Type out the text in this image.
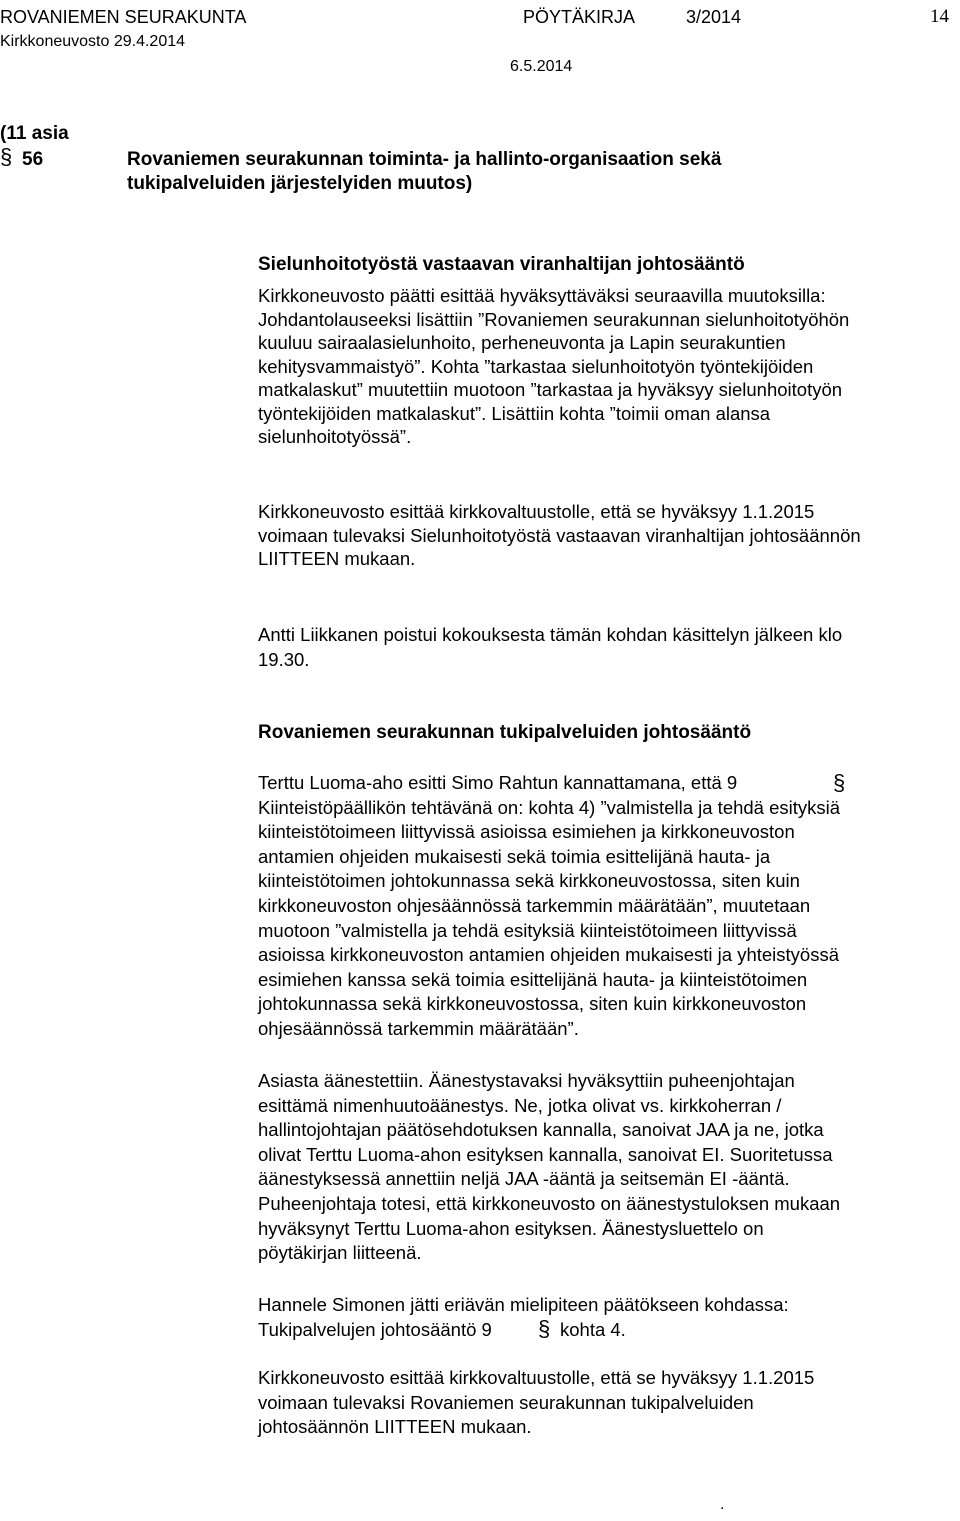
ROVANIEMEN SEURAKUNTA	PÖYTÄKIRJA	3/2014	14
Kirkkoneuvosto 29.4.2014
6.5.2014
(11 asia
§ 56	Rovaniemen seurakunnan toiminta- ja hallinto-organisaation sekä
tukipalveluiden järjestelyiden muutos)
Sielunhoitotyöstä vastaavan viranhaltijan johtosääntö
Kirkkoneuvosto päätti esittää hyväksyttäväksi seuraavilla muutoksilla:
Johdantolauseeksi lisättiin ”Rovaniemen seurakunnan sielunhoitotyöhön
kuuluu sairaalasielunhoito, perheneuvonta ja Lapin seurakuntien
kehitysvammaistyö”. Kohta ”tarkastaa sielunhoitotyön työntekijöiden
matkalaskut” muutettiin muotoon ”tarkastaa ja hyväksyy sielunhoitotyön
työntekijöiden matkalaskut”. Lisättiin kohta ”toimii oman alansa
sielunhoitotyössä”.
Kirkkoneuvosto esittää kirkkovaltuustolle, että se hyväksyy 1.1.2015
voimaan tulevaksi Sielunhoitotyöstä vastaavan viranhaltijan johtosäännön
LIITTEEN mukaan.
Antti Liikkanen poistui kokouksesta tämän kohdan käsittelyn jälkeen klo
19.30.
Rovaniemen seurakunnan tukipalveluiden johtosääntö
Terttu Luoma-aho esitti Simo Rahtun kannattamana, että 9
Kiinteistöpäällikön tehtävänä on: kohta 4) ”valmistella ja tehdä esityksiä
kiinteistötoimeen liittyvissä asioissa esimiehen ja kirkkoneuvoston
antamien ohjeiden mukaisesti sekä toimia esittelijänä hauta- ja
kiinteistötoimen johtokunnassa sekä kirkkoneuvostossa, siten kuin
kirkkoneuvoston ohjesäännössä tarkemmin määrätään”, muutetaan
muotoon ”valmistella ja tehdä esityksiä kiinteistötoimeen liittyvissä
asioissa kirkkoneuvoston antamien ohjeiden mukaisesti ja yhteistyössä
esimiehen kanssa sekä toimia esittelijänä hauta- ja kiinteistötoimen
johtokunnassa sekä kirkkoneuvostossa, siten kuin kirkkoneuvoston
ohjesäännössä tarkemmin määrätään”.
§
Asiasta äänestettiin. Äänestystavaksi hyväksyttiin puheenjohtajan
esittämä nimenhuutoäänestys. Ne, jotka olivat vs. kirkkoherran /
hallintojohtajan päätösehdotuksen kannalla, sanoivat JAA ja ne, jotka
olivat Terttu Luoma-ahon esityksen kannalla, sanoivat EI. Suoritetussa
äänestyksessä annettiin neljä JAA -ääntä ja seitsemän EI -ääntä.
Puheenjohtaja totesi, että kirkkoneuvosto on äänestystuloksen mukaan
hyväksynyt Terttu Luoma-ahon esityksen. Äänestysluettelo on
pöytäkirjan liitteenä.
Hannele Simonen jätti eriävän mielipiteen päätökseen kohdassa:
Tukipalvelujen johtosääntö 9 § kohta 4.
Kirkkoneuvosto esittää kirkkovaltuustolle, että se hyväksyy 1.1.2015
voimaan tulevaksi Rovaniemen seurakunnan tukipalveluiden
johtosäännön LIITTEEN mukaan.
.
